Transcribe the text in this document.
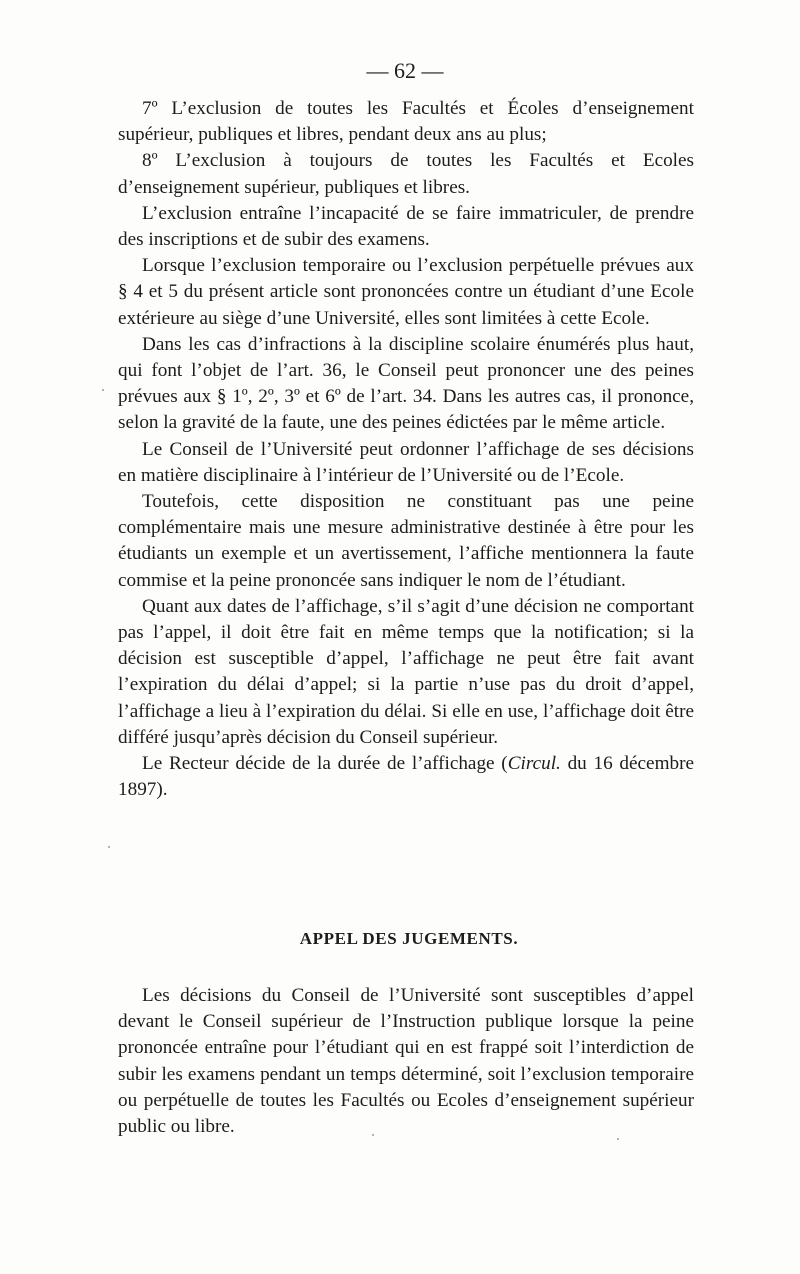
— 62 —

7º L’exclusion de toutes les Facultés et Écoles d’enseignement supérieur, publiques et libres, pendant deux ans au plus;

8º L’exclusion à toujours de toutes les Facultés et Ecoles d’enseignement supérieur, publiques et libres.

L’exclusion entraîne l’incapacité de se faire immatriculer, de prendre des inscriptions et de subir des examens.

Lorsque l’exclusion temporaire ou l’exclusion perpétuelle prévues aux § 4 et 5 du présent article sont prononcées contre un étudiant d’une Ecole extérieure au siège d’une Université, elles sont limitées à cette Ecole.

Dans les cas d’infractions à la discipline scolaire énumérés plus haut, qui font l’objet de l’art. 36, le Conseil peut prononcer une des peines prévues aux § 1º, 2º, 3º et 6º de l’art. 34. Dans les autres cas, il prononce, selon la gravité de la faute, une des peines édictées par le même article.

Le Conseil de l’Université peut ordonner l’affichage de ses décisions en matière disciplinaire à l’intérieur de l’Université ou de l’Ecole.

Toutefois, cette disposition ne constituant pas une peine complémentaire mais une mesure administrative destinée à être pour les étudiants un exemple et un avertissement, l’affiche mentionnera la faute commise et la peine prononcée sans indiquer le nom de l’étudiant.

Quant aux dates de l’affichage, s’il s’agit d’une décision ne comportant pas l’appel, il doit être fait en même temps que la notification; si la décision est susceptible d’appel, l’affichage ne peut être fait avant l’expiration du délai d’appel; si la partie n’use pas du droit d’appel, l’affichage a lieu à l’expiration du délai. Si elle en use, l’affichage doit être différé jusqu’après décision du Conseil supérieur.

Le Recteur décide de la durée de l’affichage (Circul. du 16 décembre 1897).

APPEL DES JUGEMENTS.

Les décisions du Conseil de l’Université sont susceptibles d’appel devant le Conseil supérieur de l’Instruction publique lorsque la peine prononcée entraîne pour l’étudiant qui en est frappé soit l’interdiction de subir les examens pendant un temps déterminé, soit l’exclusion temporaire ou perpétuelle de toutes les Facultés ou Ecoles d’enseignement supérieur public ou libre.
